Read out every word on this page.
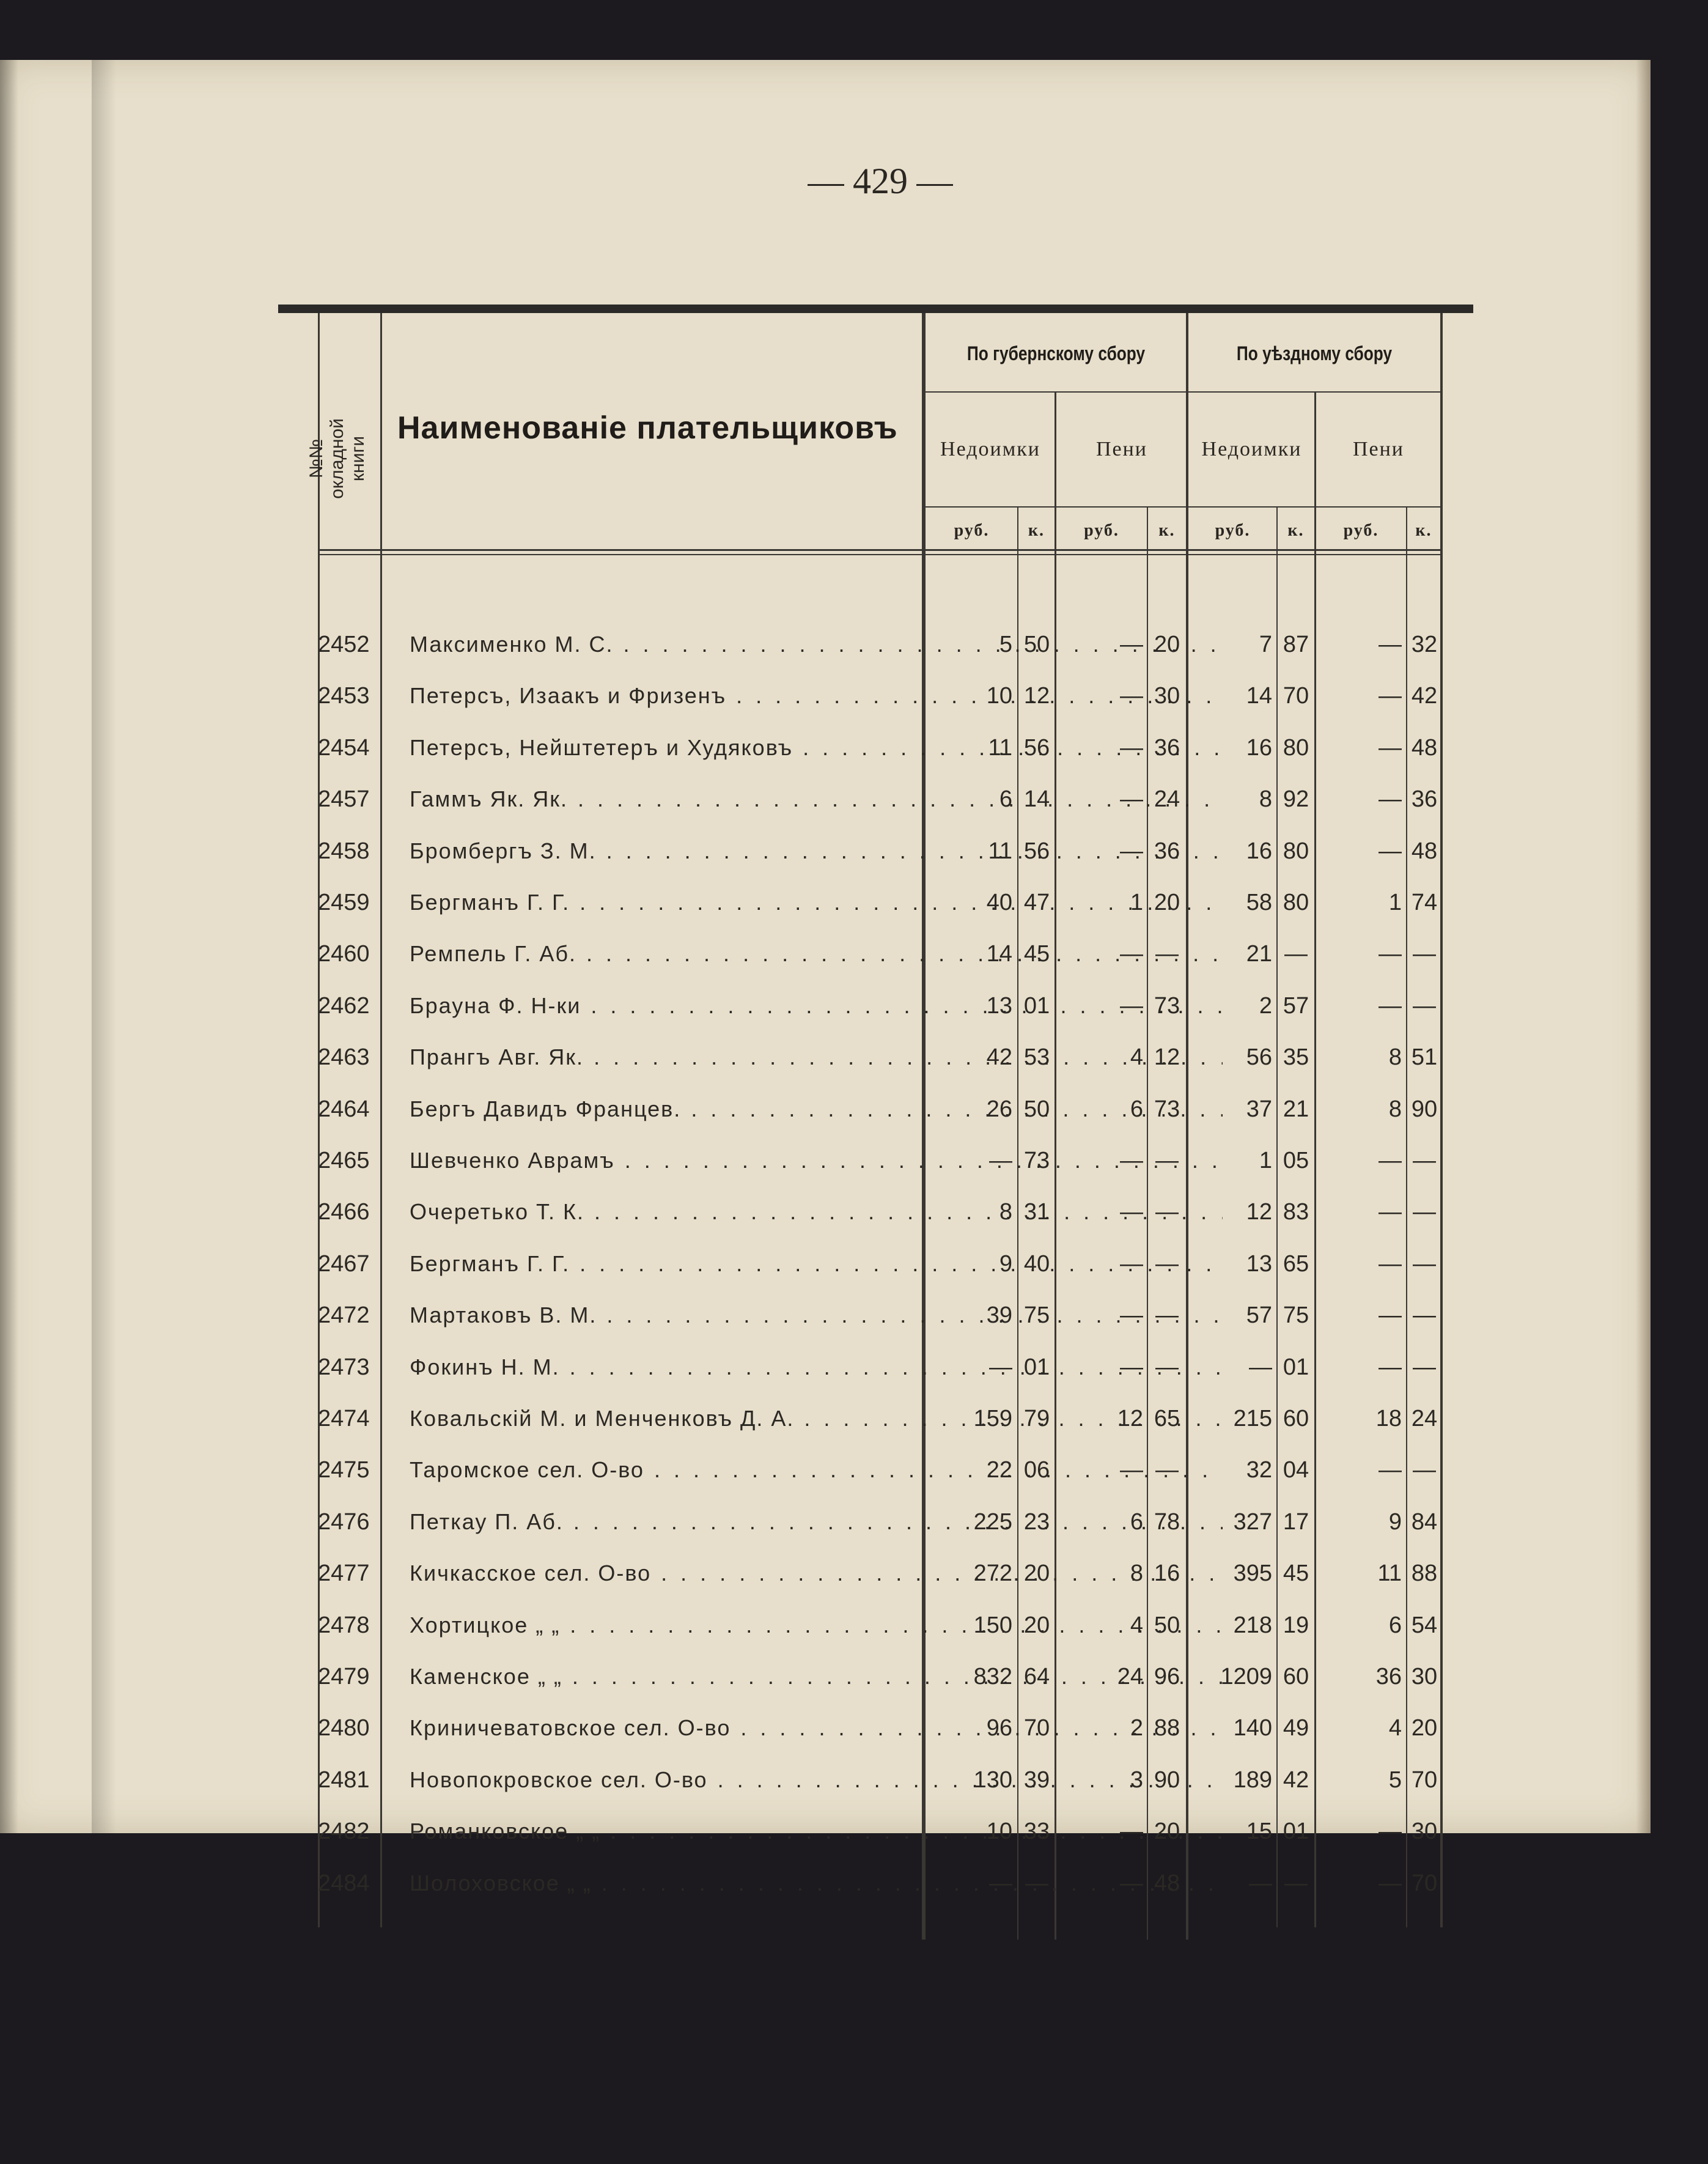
429
№№ окладной книги
Наименованіе плательщиковъ
По губернскому сбору	По уѣздному сбору
Недоимки	Пени	Недоимки	Пени
руб.	к.	руб.	к.	руб.	к.	руб.	к.
2452	Максименко М. С. . . .	5 50	— 20	7 87	— 32
2453	Петерсъ, Изаакъ и Фризенъ . . .	10 12	— 30	14 70	— 42
2454	Петерсъ, Нейштетеръ и Худяковъ . . .	11 56	— 36	16 80	— 48
2457	Гаммъ Як. Як. . . .	6 14	— 24	8 92	— 36
2458	Бромбергъ З. М. . . .	11 56	— 36	16 80	— 48
2459	Бергманъ Г. Г. . . .	40 47	1 20	58 80	1 74
2460	Ремпель Г. Аб. . . .	14 45	— —	21 —	— —
2462	Брауна Ф. Н-ки . . .	13 01	— 73	2 57	— —
2463	Прангъ Авг. Як. . . .	42 53	4 12	56 35	8 51
2464	Бергъ Давидъ Францев. . . .	26 50	6 73	37 21	8 90
2465	Шевченко Аврамъ . . .	— 73	— —	1 05	— —
2466	Очеретько Т. К. . . .	8 31	— —	12 83	— —
2467	Бергманъ Г. Г. . . .	9 40	— —	13 65	— —
2472	Мартаковъ В. М. . . .	39 75	— —	57 75	— —
2473	Фокинъ Н. М. . . .	— 01	— —	— 01	— —
2474	Ковальскій М. и Менченковъ Д. А. . . .	159 79	12 65	215 60	18 24
2475	Таромское сел. О-во . . .	22 06	— —	32 04	— —
2476	Петкау П. Аб. . . .	225 23	6 78	327 17	9 84
2477	Кичкасское сел. О-во . . .	272 20	8 16	395 45	11 88
2478	Хортицкое „ „ . . .	150 20	4 50	218 19	6 54
2479	Каменское „ „ . . .	832 64	24 96	1209 60	36 30
2480	Криничеватовское сел. О-во . . .	96 70	2 88	140 49	4 20
2481	Новопокровское сел. О-во . . .	130 39	3 90	189 42	5 70
2482	Романковское „ „ . . .	10 33	— 20	15 01	— 30
2484	Шолоховское „ „ . . .	— —	— 48	— —	— 70
